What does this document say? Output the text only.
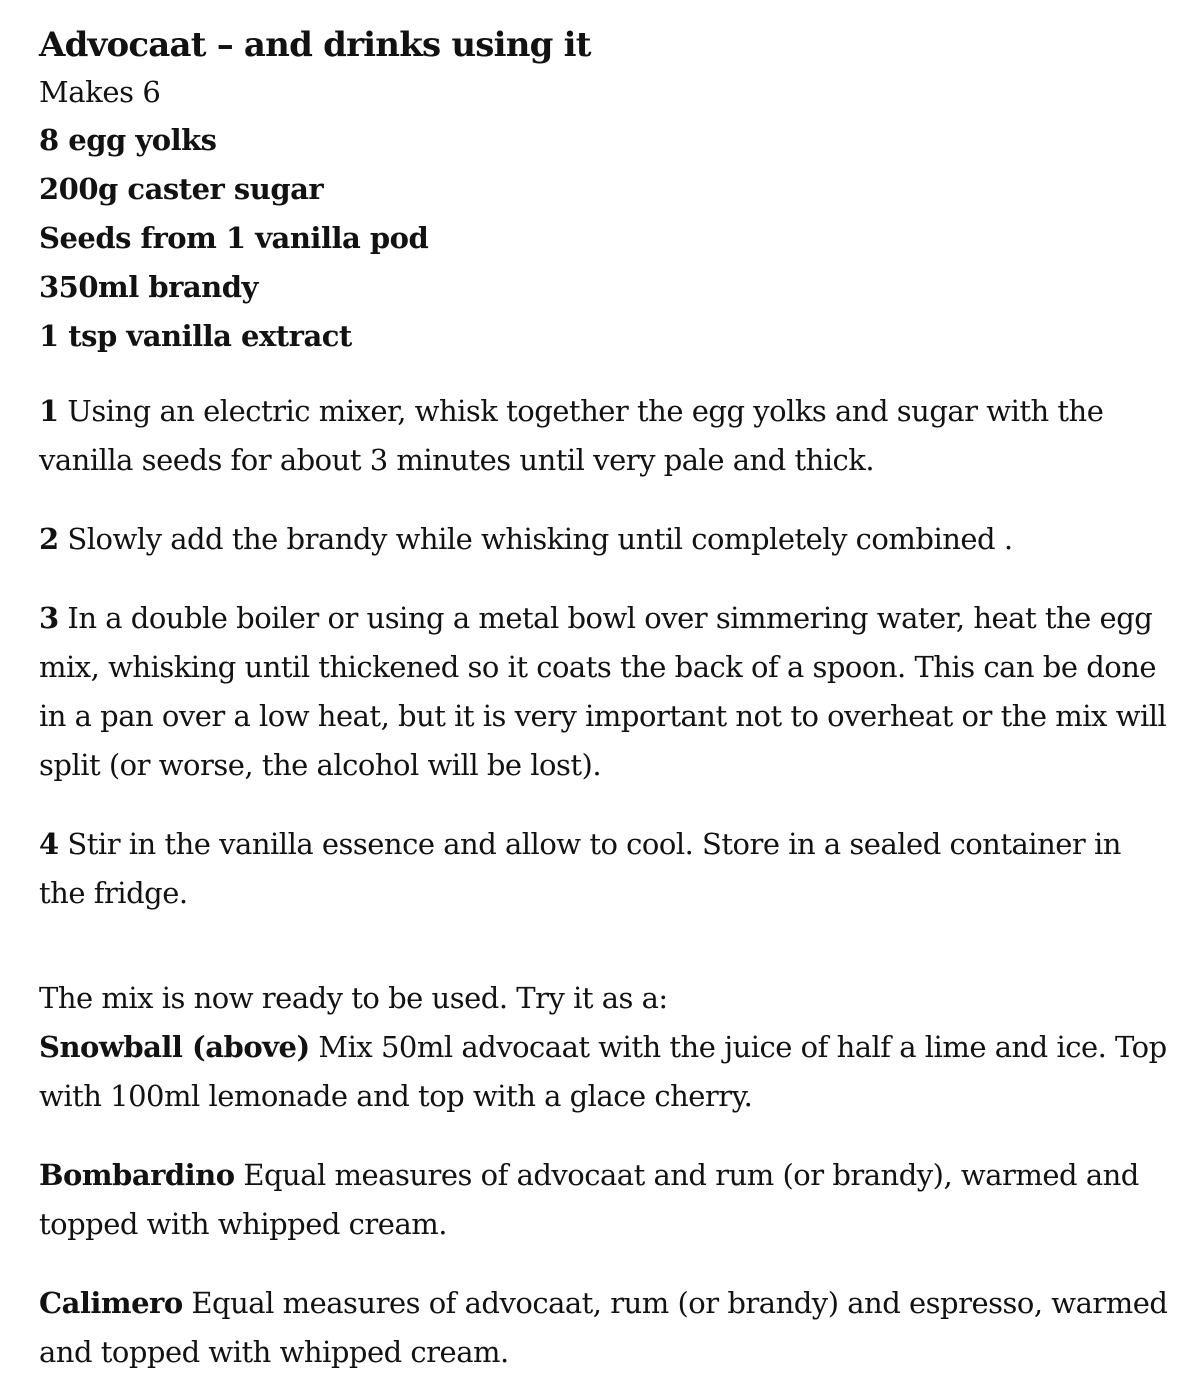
Advocaat – and drinks using it

Makes 6

8 egg yolks
200g caster sugar
Seeds from 1 vanilla pod
350ml brandy
1 tsp vanilla extract

1 Using an electric mixer, whisk together the egg yolks and sugar with the vanilla seeds for about 3 minutes until very pale and thick.

2 Slowly add the brandy while whisking until completely combined .

3 In a double boiler or using a metal bowl over simmering water, heat the egg mix, whisking until thickened so it coats the back of a spoon. This can be done in a pan over a low heat, but it is very important not to overheat or the mix will split (or worse, the alcohol will be lost).

4 Stir in the vanilla essence and allow to cool. Store in a sealed container in the fridge.

The mix is now ready to be used. Try it as a:

Snowball (above) Mix 50ml advocaat with the juice of half a lime and ice. Top with 100ml lemonade and top with a glace cherry.

Bombardino Equal measures of advocaat and rum (or brandy), warmed and topped with whipped cream.

Calimero Equal measures of advocaat, rum (or brandy) and espresso, warmed and topped with whipped cream.
